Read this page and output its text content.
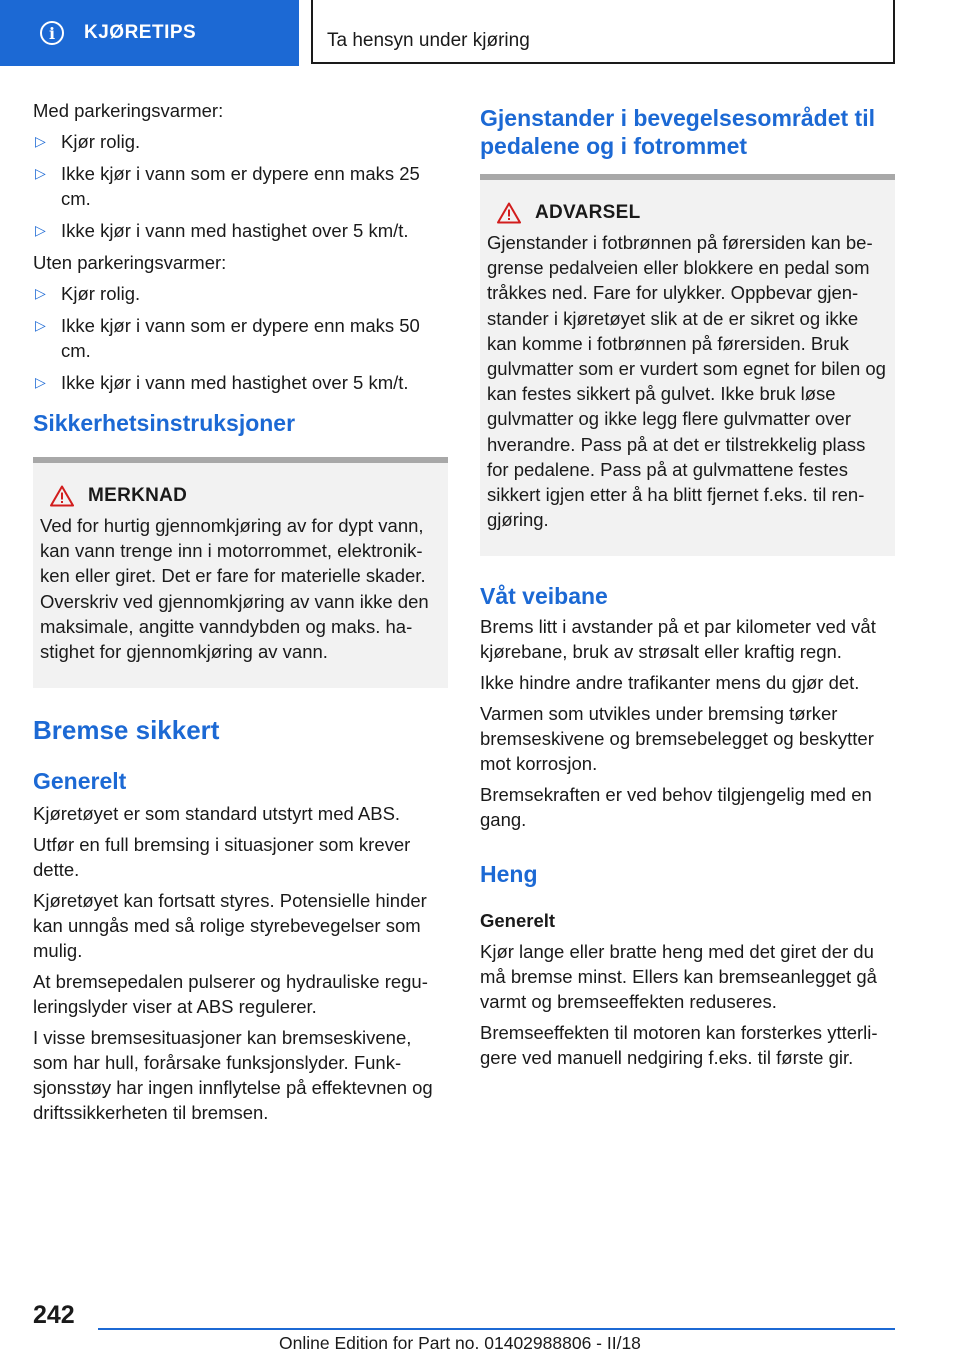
i	KJØRETIPS	Ta hensyn under kjøring

Med parkeringsvarmer:

▷ Kjør rolig.
▷ Ikke kjør i vann som er dypere enn maks 25 cm.
▷ Ikke kjør i vann med hastighet over 5 km/t.

Uten parkeringsvarmer:

▷ Kjør rolig.
▷ Ikke kjør i vann som er dypere enn maks 50 cm.
▷ Ikke kjør i vann med hastighet over 5 km/t.
Sikkerhetsinstruksjoner
MERKNAD

Ved for hurtig gjennomkjøring av for dypt vann, kan vann trenge inn i motorrommet, elektronikken eller giret. Det er fare for materielle skader. Overskriv ved gjennomkjøring av vann ikke den maksimale, angitte vanndybden og maks. hastighet for gjennomkjøring av vann.

Bremse sikkert
Generelt

Kjøretøyet er som standard utstyrt med ABS.

Utfør en full bremsing i situasjoner som krever dette.

Kjøretøyet kan fortsatt styres. Potensielle hinder kan unngås med så rolige styrebevegelser som mulig.

At bremsepedalen pulserer og hydrauliske reguleringslyder viser at ABS regulerer.

I visse bremsesituasjoner kan bremseskivene, som har hull, forårsake funksjonslyder. Funksjonsstøy har ingen innflytelse på effektevnen og driftssikkerheten til bremsen.

Gjenstander i bevegelsesområdet til pedalene og i fotrommet
ADVARSEL

Gjenstander i fotbrønnen på førersiden kan begrense pedalveien eller blokkere en pedal som tråkkes ned. Fare for ulykker. Oppbevar gjenstander i kjøretøyet slik at de er sikret og ikke kan komme i fotbrønnen på førersiden. Bruk gulvmatter som er vurdert som egnet for bilen og kan festes sikkert på gulvet. Ikke bruk løse gulvmatter og ikke legg flere gulvmatter over hverandre. Pass på at det er tilstrekkelig plass for pedalene. Pass på at gulvmattene festes sikkert igjen etter å ha blitt fjernet f.eks. til rengjøring.

Våt veibane

Brems litt i avstander på et par kilometer ved våt kjørebane, bruk av strøsalt eller kraftig regn.

Ikke hindre andre trafikanter mens du gjør det.

Varmen som utvikles under bremsing tørker bremseskivene og bremsebelegget og beskytter mot korrosjon.

Bremsekraften er ved behov tilgjengelig med en gang.

Heng
Generelt

Kjør lange eller bratte heng med det giret der du må bremse minst. Ellers kan bremseanlegget gå varmt og bremseeffekten reduseres.

Bremseeffekten til motoren kan forsterkes ytterligere ved manuell nedgiring f.eks. til første gir.

242
Online Edition for Part no. 01402988806 - II/18
